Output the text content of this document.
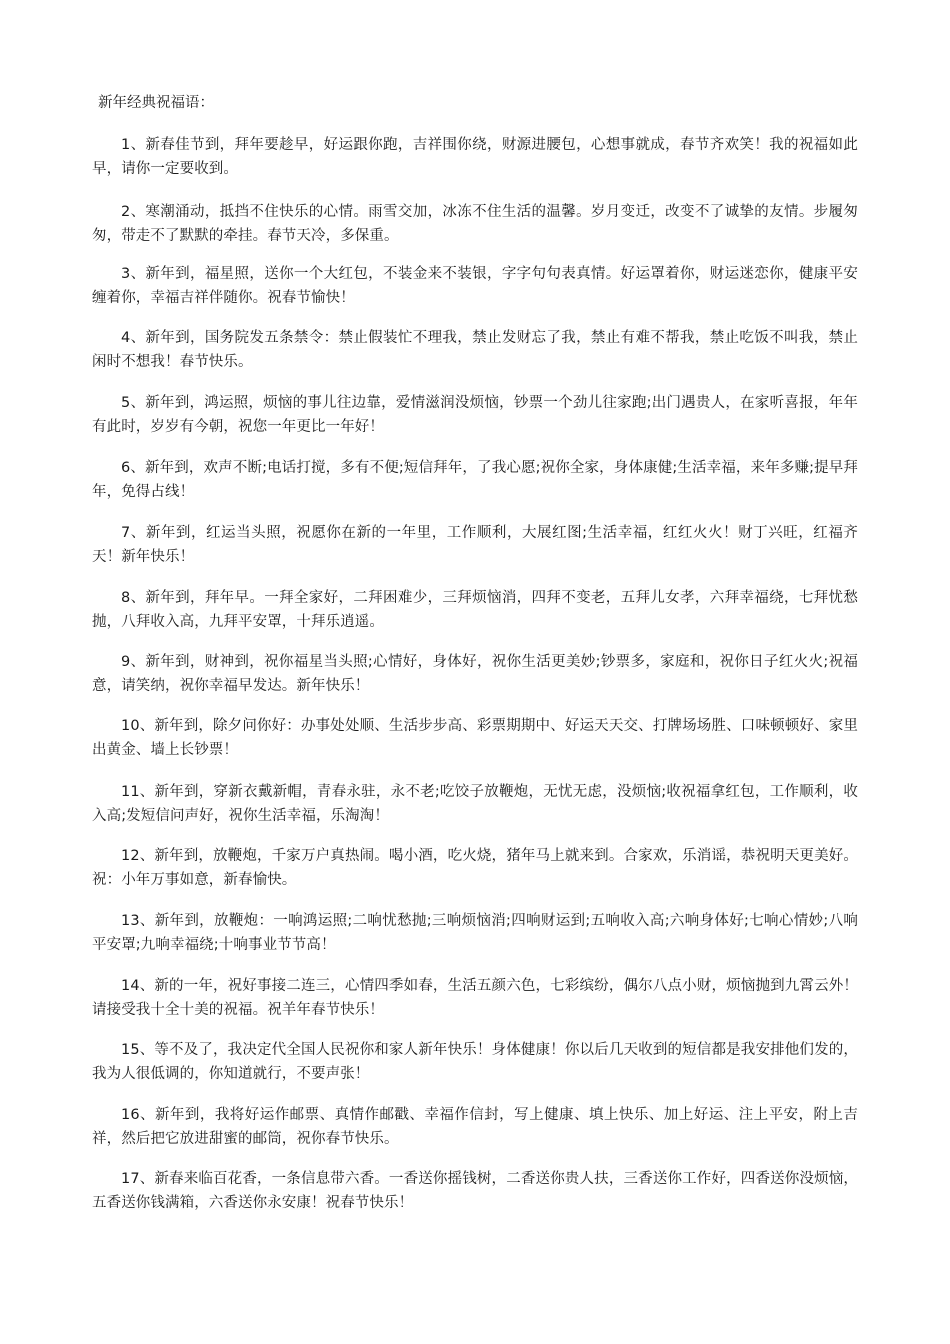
新年经典祝福语：

1、新春佳节到，拜年要趁早，好运跟你跑，吉祥围你绕，财源进腰包，心想事就成，春节齐欢笑！我的祝福如此早，请你一定要收到。

2、寒潮涌动，抵挡不住快乐的心情。雨雪交加，冰冻不住生活的温馨。岁月变迁，改变不了诚挚的友情。步履匆匆，带走不了默默的牵挂。春节天冷，多保重。

3、新年到，福星照，送你一个大红包，不装金来不装银，字字句句表真情。好运罩着你，财运迷恋你，健康平安缠着你，幸福吉祥伴随你。祝春节愉快！

4、新年到，国务院发五条禁令：禁止假装忙不理我，禁止发财忘了我，禁止有难不帮我，禁止吃饭不叫我，禁止闲时不想我！春节快乐。

5、新年到，鸿运照，烦恼的事儿往边靠，爱情滋润没烦恼，钞票一个劲儿往家跑;出门遇贵人，在家听喜报，年年有此时，岁岁有今朝，祝您一年更比一年好！

6、新年到，欢声不断;电话打搅，多有不便;短信拜年，了我心愿;祝你全家，身体康健;生活幸福，来年多赚;提早拜年，免得占线！

7、新年到，红运当头照，祝愿你在新的一年里，工作顺利，大展红图;生活幸福，红红火火！财丁兴旺，红福齐天！新年快乐！

8、新年到，拜年早。一拜全家好，二拜困难少，三拜烦恼消，四拜不变老，五拜儿女孝，六拜幸福绕，七拜忧愁抛，八拜收入高，九拜平安罩，十拜乐逍遥。

9、新年到，财神到，祝你福星当头照;心情好，身体好，祝你生活更美妙;钞票多，家庭和，祝你日子红火火;祝福意，请笑纳，祝你幸福早发达。新年快乐！

10、新年到，除夕问你好：办事处处顺、生活步步高、彩票期期中、好运天天交、打牌场场胜、口味顿顿好、家里出黄金、墙上长钞票！

11、新年到，穿新衣戴新帽，青春永驻，永不老;吃饺子放鞭炮，无忧无虑，没烦恼;收祝福拿红包，工作顺利，收入高;发短信问声好，祝你生活幸福，乐淘淘！

12、新年到，放鞭炮，千家万户真热闹。喝小酒，吃火烧，猪年马上就来到。合家欢，乐消谣，恭祝明天更美好。祝：小年万事如意，新春愉快。

13、新年到，放鞭炮：一响鸿运照;二响忧愁抛;三响烦恼消;四响财运到;五响收入高;六响身体好;七响心情妙;八响平安罩;九响幸福绕;十响事业节节高！

14、新的一年，祝好事接二连三，心情四季如春，生活五颜六色，七彩缤纷，偶尔八点小财，烦恼抛到九霄云外！请接受我十全十美的祝福。祝羊年春节快乐！

15、等不及了，我决定代全国人民祝你和家人新年快乐！身体健康！你以后几天收到的短信都是我安排他们发的，我为人很低调的，你知道就行，不要声张！

16、新年到，我将好运作邮票、真情作邮戳、幸福作信封，写上健康、填上快乐、加上好运、注上平安，附上吉祥，然后把它放进甜蜜的邮筒，祝你春节快乐。

17、新春来临百花香，一条信息带六香。一香送你摇钱树，二香送你贵人扶，三香送你工作好，四香送你没烦恼，五香送你钱满箱，六香送你永安康！祝春节快乐！
